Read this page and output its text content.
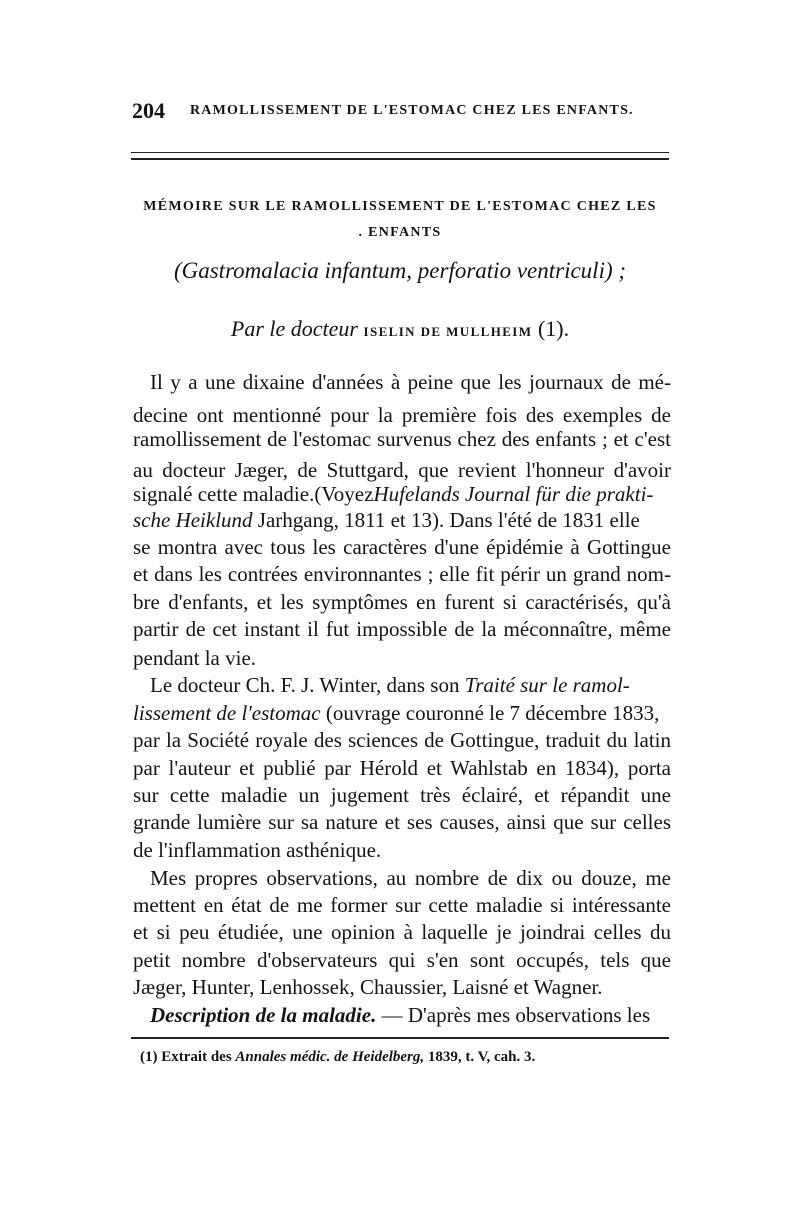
204 RAMOLLISSEMENT DE L'ESTOMAC CHEZ LES ENFANTS.
MÉMOIRE SUR LE RAMOLLISSEMENT DE L'ESTOMAC CHEZ LES
. ENFANTS
(Gastromalacia infantum, perforatio ventriculi) ;
Par le docteur ISELIN DE MULLHEIM (1).
Il y a une dixaine d'années à peine que les journaux de mé-
decine ont mentionné pour la première fois des exemples de
ramollissement de l'estomac survenus chez des enfants ; et c'est
au docteur Jæger, de Stuttgard, que revient l'honneur d'avoir
signalé cette maladie.(VoyezHufelands Journal für die prakti-
sche Heiklund Jarhgang, 1811 et 13). Dans l'été de 1831 elle
se montra avec tous les caractères d'une épidémie à Gottingue
et dans les contrées environnantes ; elle fit périr un grand nom-
bre d'enfants, et les symptômes en furent si caractérisés, qu'à
partir de cet instant il fut impossible de la méconnaître, même
pendant la vie.
Le docteur Ch. F. J. Winter, dans son Traité sur le ramol-
lissement de l'estomac (ouvrage couronné le 7 décembre 1833,
par la Société royale des sciences de Gottingue, traduit du latin
par l'auteur et publié par Hérold et Wahlstab en 1834), porta
sur cette maladie un jugement très éclairé, et répandit une
grande lumière sur sa nature et ses causes, ainsi que sur celles
de l'inflammation asthénique.
Mes propres observations, au nombre de dix ou douze, me
mettent en état de me former sur cette maladie si intéressante
et si peu étudiée, une opinion à laquelle je joindrai celles du
petit nombre d'observateurs qui s'en sont occupés, tels que
Jæger, Hunter, Lenhossek, Chaussier, Laisné et Wagner.
Description de la maladie. — D'après mes observations les
(1) Extrait des Annales médic. de Heidelberg, 1839, t. V, cah. 3.
